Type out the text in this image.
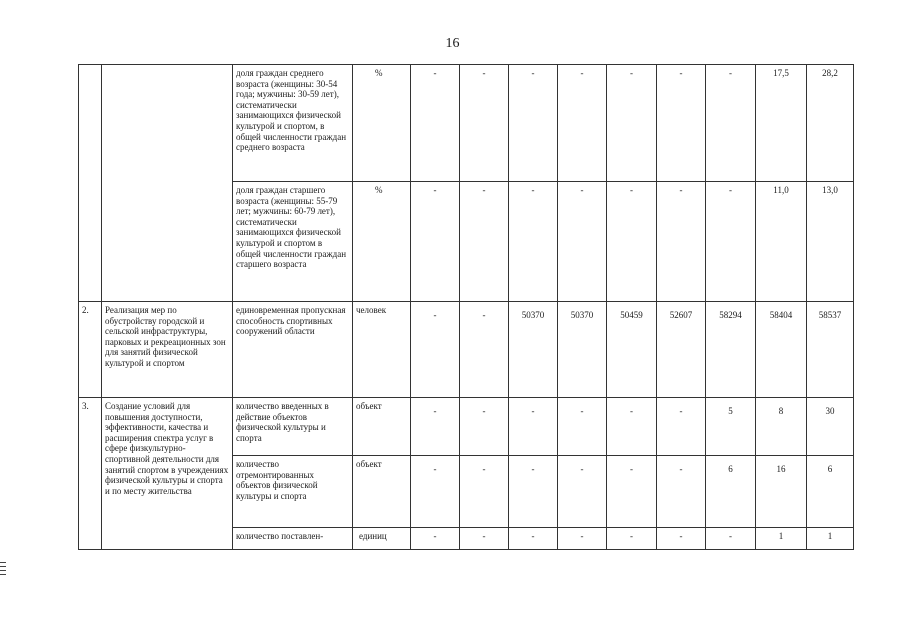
16
		доля граждан среднего возраста (женщины: 30-54 года; мужчины: 30-59 лет), систематически занимающихся физической культурой и спортом, в общей численности граждан среднего возраста	%	-	-	-	-	-	-	-	17,5	28,2
		доля граждан старшего возраста (женщины: 55-79 лет; мужчины: 60-79 лет), систематически занимающихся физической культурой и спортом в общей численности граждан старшего возраста	%	-	-	-	-	-	-	-	11,0	13,0
2.	Реализация мер по обустройству городской и сельской инфраструктуры, парковых и рекреационных зон для занятий физической культурой и спортом	единовременная пропускная способность спортивных сооружений области	человек	-	-	50370	50370	50459	52607	58294	58404	58537
3.	Создание условий для повышения доступности, эффективности, качества и расширения спектра услуг в сфере физкультурно-спортивной деятельности для занятий спортом в учреждениях физической культуры и спорта и по месту жительства	количество введенных в действие объектов физической культуры и спорта	объект	-	-	-	-	-	-	5	8	30
		количество отремонтированных объектов физической культуры и спорта	объект	-	-	-	-	-	-	6	16	6
		количество поставлен-	единиц	-	-	-	-	-	-	-	1	1
